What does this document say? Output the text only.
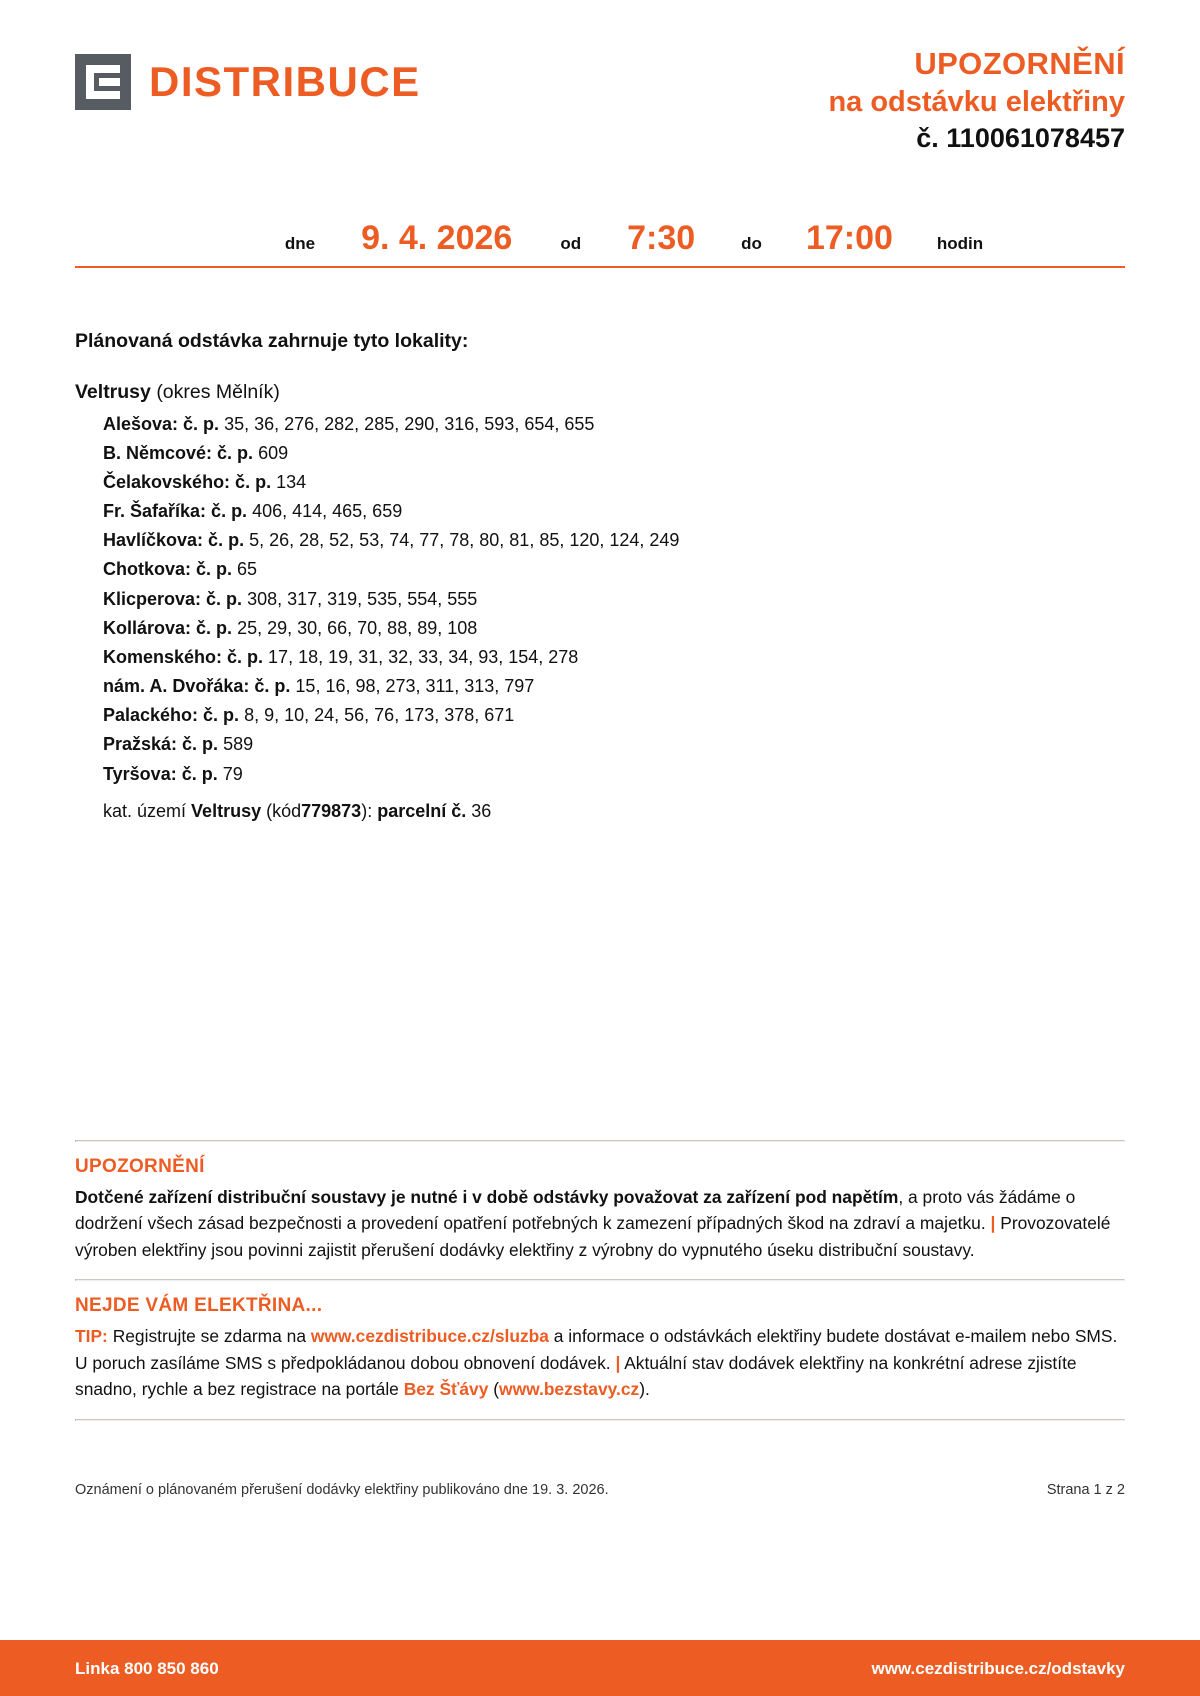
DISTRIBUCE	UPOZORNĚNÍ
na odstávku elektřiny
č. 110061078457
dne 9. 4. 2026	od 7:30	do 17:00	hodin
Plánovaná odstávka zahrnuje tyto lokality:
Veltrusy (okres Mělník)
Alešova: č. p. 35, 36, 276, 282, 285, 290, 316, 593, 654, 655
B. Němcové: č. p. 609
Čelakovského: č. p. 134
Fr. Šafaříka: č. p. 406, 414, 465, 659
Havlíčkova: č. p. 5, 26, 28, 52, 53, 74, 77, 78, 80, 81, 85, 120, 124, 249
Chotkova: č. p. 65
Klicperova: č. p. 308, 317, 319, 535, 554, 555
Kollárova: č. p. 25, 29, 30, 66, 70, 88, 89, 108
Komenského: č. p. 17, 18, 19, 31, 32, 33, 34, 93, 154, 278
nám. A. Dvořáka: č. p. 15, 16, 98, 273, 311, 313, 797
Palackého: č. p. 8, 9, 10, 24, 56, 76, 173, 378, 671
Pražská: č. p. 589
Tyršova: č. p. 79
kat. území Veltrusy (kód779873): parcelní č. 36
UPOZORNĚNÍ
Dotčené zařízení distribuční soustavy je nutné i v době odstávky považovat za zařízení pod napětím, a proto vás žádáme o dodržení všech zásad bezpečnosti a provedení opatření potřebných k zamezení případných škod na zdraví a majetku. | Provozovatelé výroben elektřiny jsou povinni zajistit přerušení dodávky elektřiny z výrobny do vypnutého úseku distribuční soustavy.
NEJDE VÁM ELEKTŘINA...
TIP: Registrujte se zdarma na www.cezdistribuce.cz/sluzba a informace o odstávkách elektřiny budete dostávat e-mailem nebo SMS. U poruch zasíláme SMS s předpokládanou dobou obnovení dodávek. | Aktuální stav dodávek elektřiny na konkrétní adrese zjistíte snadno, rychle a bez registrace na portále Bez Šťávy (www.bezstavy.cz).
Oznámení o plánovaném přerušení dodávky elektřiny publikováno dne 19. 3. 2026.	Strana 1 z 2
Linka 800 850 860	www.cezdistribuce.cz/odstavky
